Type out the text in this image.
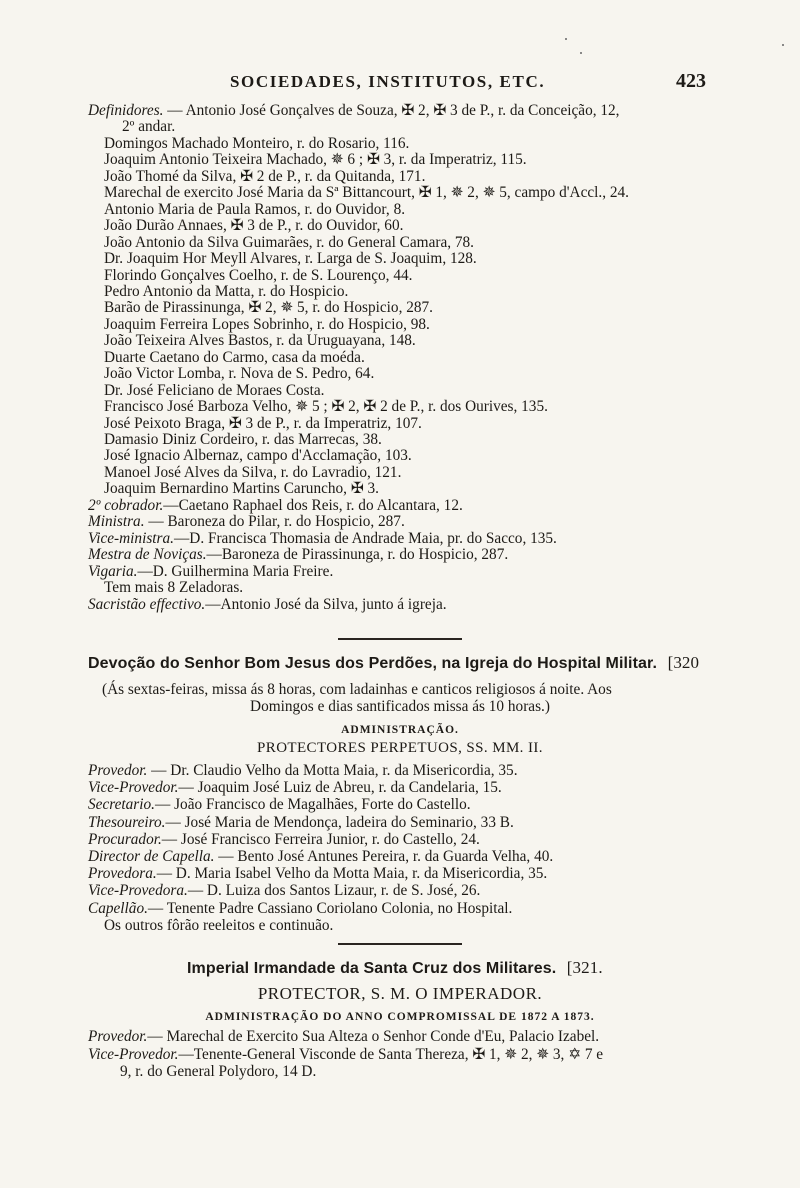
SOCIEDADES, INSTITUTOS, ETC.	423
Definidores. — Antonio José Gonçalves de Souza, ✠ 2, ✠ 3 de P., r. da Conceição, 12,
2º andar.
Domingos Machado Monteiro, r. do Rosario, 116.
Joaquim Antonio Teixeira Machado, ✵ 6 ; ✠ 3, r. da Imperatriz, 115.
João Thomé da Silva, ✠ 2 de P., r. da Quitanda, 171.
Marechal de exercito José Maria da Sª Bittancourt, ✠ 1, ✵ 2, ✵ 5, campo d'Accl., 24.
Antonio Maria de Paula Ramos, r. do Ouvidor, 8.
João Durão Annaes, ✠ 3 de P., r. do Ouvidor, 60.
João Antonio da Silva Guimarães, r. do General Camara, 78.
Dr. Joaquim Hor Meyll Alvares, r. Larga de S. Joaquim, 128.
Florindo Gonçalves Coelho, r. de S. Lourenço, 44.
Pedro Antonio da Matta, r. do Hospicio.
Barão de Pirassinunga, ✠ 2, ✵ 5, r. do Hospicio, 287.
Joaquim Ferreira Lopes Sobrinho, r. do Hospicio, 98.
João Teixeira Alves Bastos, r. da Uruguayana, 148.
Duarte Caetano do Carmo, casa da moéda.
João Victor Lomba, r. Nova de S. Pedro, 64.
Dr. José Feliciano de Moraes Costa.
Francisco José Barboza Velho, ✵ 5 ; ✠ 2, ✠ 2 de P., r. dos Ourives, 135.
José Peixoto Braga, ✠ 3 de P., r. da Imperatriz, 107.
Damasio Diniz Cordeiro, r. das Marrecas, 38.
José Ignacio Albernaz, campo d'Acclamação, 103.
Manoel José Alves da Silva, r. do Lavradio, 121.
Joaquim Bernardino Martins Caruncho, ✠ 3.
2º cobrador.—Caetano Raphael dos Reis, r. do Alcantara, 12.
Ministra. — Baroneza do Pilar, r. do Hospicio, 287.
Vice-ministra.—D. Francisca Thomasia de Andrade Maia, pr. do Sacco, 135.
Mestra de Noviças.—Baroneza de Pirassinunga, r. do Hospicio, 287.
Vigaria.—D. Guilhermina Maria Freire.
Tem mais 8 Zeladoras.
Sacristão effectivo.—Antonio José da Silva, junto á igreja.
Devoção do Senhor Bom Jesus dos Perdões, na Igreja do Hospital Militar. [320
(Ás sextas-feiras, missa ás 8 horas, com ladainhas e canticos religiosos á noite. Aos
Domingos e dias santificados missa ás 10 horas.)
ADMINISTRAÇÃO.
PROTECTORES PERPETUOS, SS. MM. II.
Provedor. — Dr. Claudio Velho da Motta Maia, r. da Misericordia, 35.
Vice-Provedor.— Joaquim José Luiz de Abreu, r. da Candelaria, 15.
Secretario.— João Francisco de Magalhães, Forte do Castello.
Thesoureiro.— José Maria de Mendonça, ladeira do Seminario, 33 B.
Procurador.— José Francisco Ferreira Junior, r. do Castello, 24.
Director de Capella. — Bento José Antunes Pereira, r. da Guarda Velha, 40.
Provedora.— D. Maria Isabel Velho da Motta Maia, r. da Misericordia, 35.
Vice-Provedora.— D. Luiza dos Santos Lizaur, r. de S. José, 26.
Capellão.— Tenente Padre Cassiano Coriolano Colonia, no Hospital.
Os outros fôrão reeleitos e continuão.
Imperial Irmandade da Santa Cruz dos Militares. [321.
PROTECTOR, S. M. O IMPERADOR.
ADMINISTRAÇÃO DO ANNO COMPROMISSAL DE 1872 A 1873.
Provedor.— Marechal de Exercito Sua Alteza o Senhor Conde d'Eu, Palacio Izabel.
Vice-Provedor.—Tenente-General Visconde de Santa Thereza, ✠ 1, ✵ 2, ✵ 3, ✡ 7 e
9, r. do General Polydoro, 14 D.
